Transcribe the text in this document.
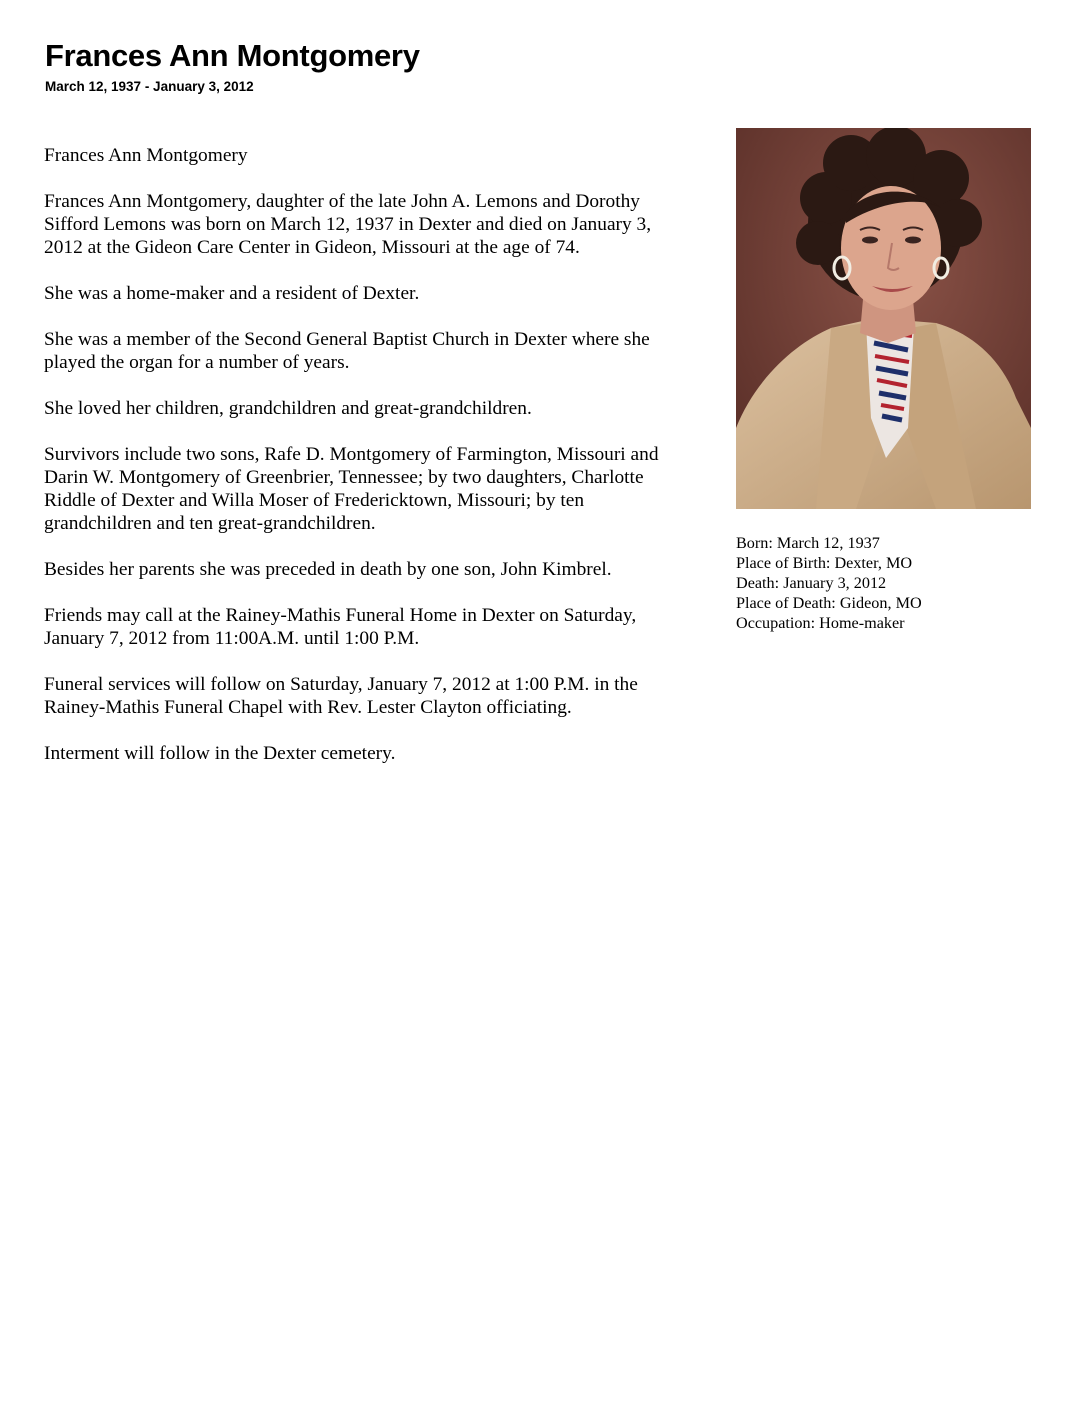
Frances Ann Montgomery
March 12, 1937 - January 3, 2012

Frances Ann Montgomery

Frances Ann Montgomery, daughter of the late John A. Lemons and Dorothy Sifford Lemons was born on March 12, 1937 in Dexter and died on January 3, 2012 at the Gideon Care Center in Gideon, Missouri at the age of 74.

She was a home-maker and a resident of Dexter.

She was a member of the Second General Baptist Church in Dexter where she played the organ for a number of years.

She loved her children, grandchildren and great-grandchildren.

Survivors include two sons, Rafe D. Montgomery of Farmington, Missouri and Darin W. Montgomery of Greenbrier, Tennessee; by two daughters, Charlotte Riddle of Dexter and Willa Moser of Fredericktown, Missouri; by ten grandchildren and ten great-grandchildren.

Besides her parents she was preceded in death by one son, John Kimbrel.

Friends may call at the Rainey-Mathis Funeral Home in Dexter on Saturday, January 7, 2012 from 11:00A.M. until 1:00 P.M.

Funeral services will follow on Saturday, January 7, 2012 at 1:00 P.M. in the Rainey-Mathis Funeral Chapel with Rev. Lester Clayton officiating.

Interment will follow in the Dexter cemetery.

Born: March 12, 1937
Place of Birth: Dexter, MO
Death: January 3, 2012
Place of Death: Gideon, MO
Occupation: Home-maker
